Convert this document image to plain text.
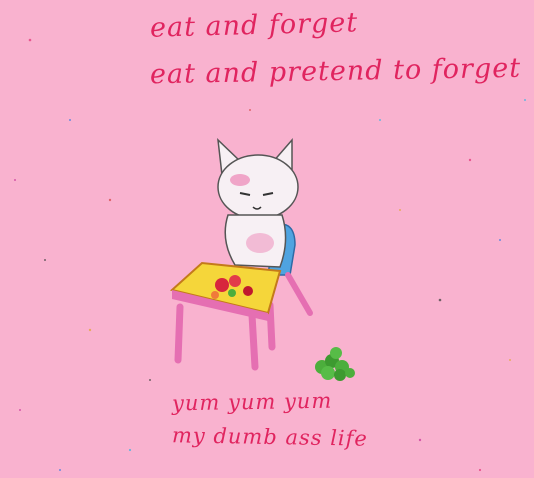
eat and forget
eat and pretend to forget
yum yum yum
my dumb ass life
